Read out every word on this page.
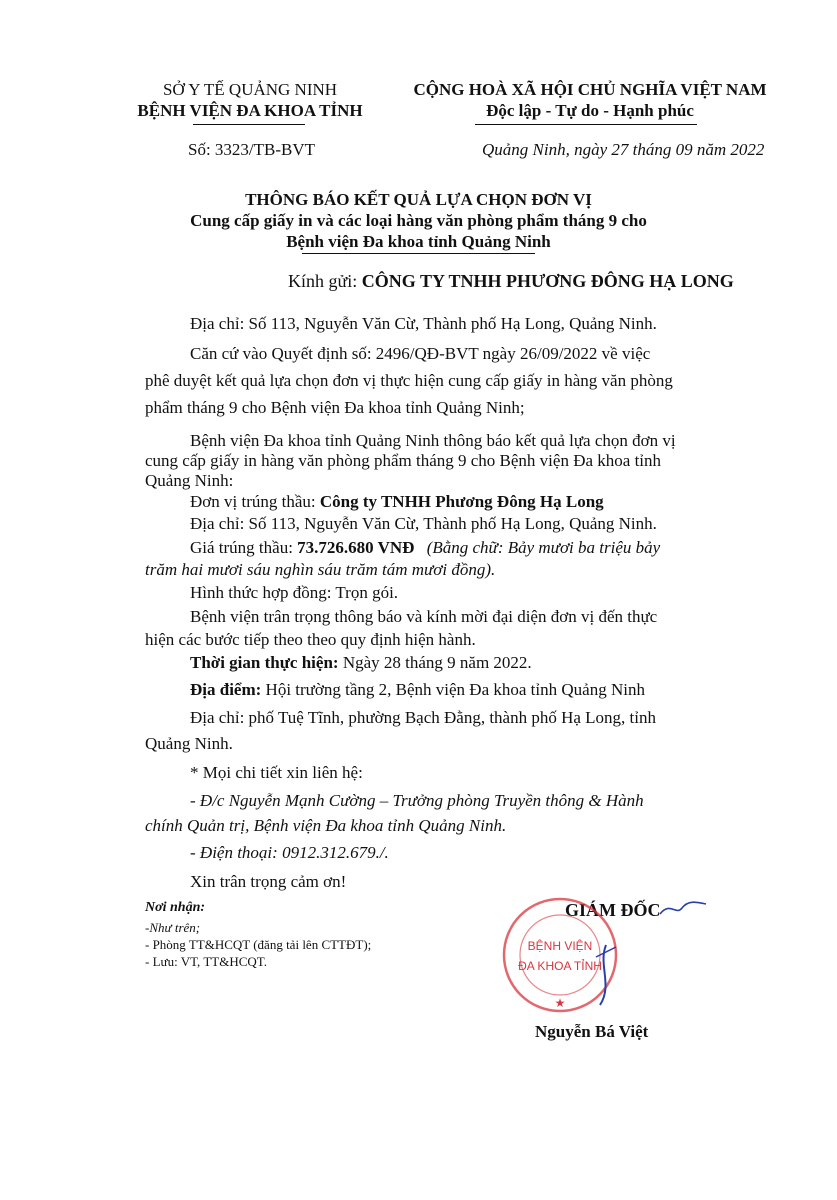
SỞ Y TẾ QUẢNG NINH
BỆNH VIỆN ĐA KHOA TỈNH
CỘNG HOÀ XÃ HỘI CHỦ NGHĨA VIỆT NAM
Độc lập - Tự do - Hạnh phúc
Số: 3323/TB-BVT	Quảng Ninh, ngày 27 tháng 09 năm 2022
THÔNG BÁO KẾT QUẢ LỰA CHỌN ĐƠN VỊ
Cung cấp giấy in và các loại hàng văn phòng phẩm tháng 9 cho
Bệnh viện Đa khoa tỉnh Quảng Ninh
Kính gửi: CÔNG TY TNHH PHƯƠNG ĐÔNG HẠ LONG
Địa chỉ: Số 113, Nguyễn Văn Cừ, Thành phố Hạ Long, Quảng Ninh.
Căn cứ vào Quyết định số: 2496/QĐ-BVT ngày 26/09/2022 về việc
phê duyệt kết quả lựa chọn đơn vị thực hiện cung cấp giấy in hàng văn phòng
phẩm tháng 9 cho Bệnh viện Đa khoa tỉnh Quảng Ninh;
Bệnh viện Đa khoa tỉnh Quảng Ninh thông báo kết quả lựa chọn đơn vị
cung cấp giấy in hàng văn phòng phẩm tháng 9 cho Bệnh viện Đa khoa tỉnh
Quảng Ninh:
Đơn vị trúng thầu: Công ty TNHH Phương Đông Hạ Long
Địa chỉ: Số 113, Nguyễn Văn Cừ, Thành phố Hạ Long, Quảng Ninh.
Giá trúng thầu: 73.726.680 VNĐ (Bằng chữ: Bảy mươi ba triệu bảy
trăm hai mươi sáu nghìn sáu trăm tám mươi đồng).
Hình thức hợp đồng: Trọn gói.
Bệnh viện trân trọng thông báo và kính mời đại diện đơn vị đến thực
hiện các bước tiếp theo theo quy định hiện hành.
Thời gian thực hiện: Ngày 28 tháng 9 năm 2022.
Địa điểm: Hội trường tầng 2, Bệnh viện Đa khoa tỉnh Quảng Ninh
Địa chỉ: phố Tuệ Tĩnh, phường Bạch Đằng, thành phố Hạ Long, tỉnh
Quảng Ninh.
* Mọi chi tiết xin liên hệ:
- Đ/c Nguyễn Mạnh Cường – Trưởng phòng Truyền thông & Hành
chính Quản trị, Bệnh viện Đa khoa tỉnh Quảng Ninh.
- Điện thoại: 0912.312.679./.
Xin trân trọng cảm ơn!
Nơi nhận:
-Như trên;
- Phòng TT&HCQT (đăng tải lên CTTĐT);
- Lưu: VT, TT&HCQT.
GIÁM ĐỐC
BỆNH VIỆN
ĐA KHOA TỈNH
★
Nguyễn Bá Việt
